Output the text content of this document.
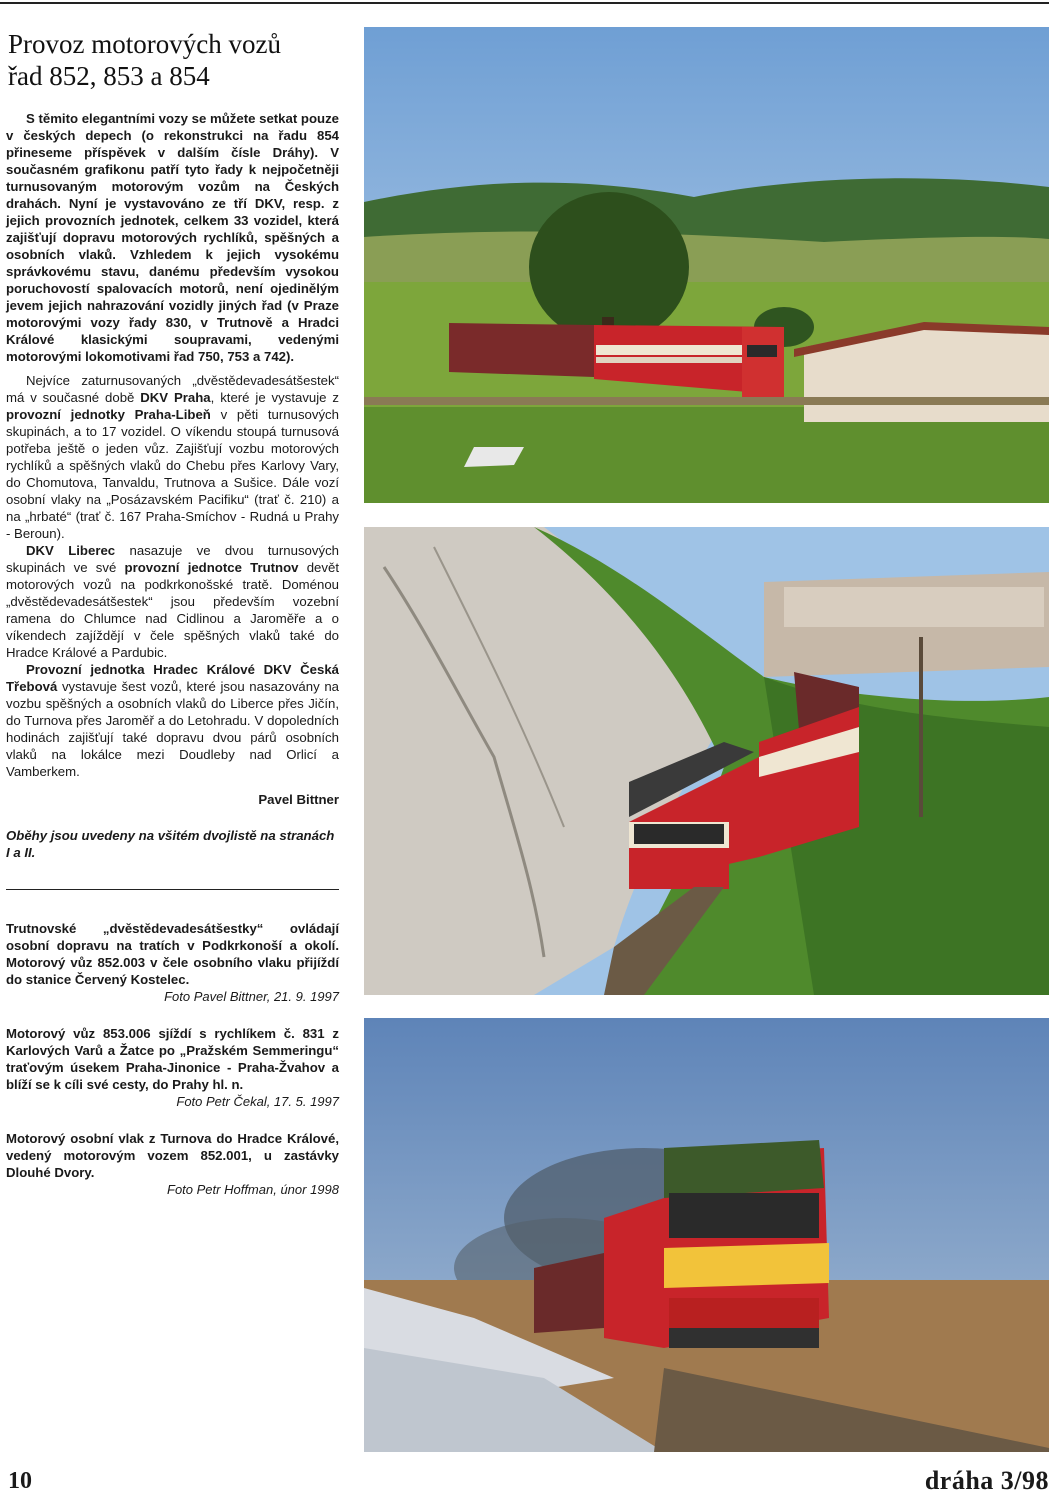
Provoz motorových vozů
řad 852, 853 a 854

S těmito elegantními vozy se můžete setkat pouze v českých depech (o rekonstrukci na řadu 854 přineseme příspěvek v dalším čísle Dráhy). V současném grafikonu patří tyto řady k nejpočetněji turnusovaným motorovým vozům na Českých drahách. Nyní je vystavováno ze tří DKV, resp. z jejich provozních jednotek, celkem 33 vozidel, která zajišťují dopravu motorových rychlíků, spěšných a osobních vlaků. Vzhledem k jejich vysokému správkovému stavu, danému především vysokou poruchovostí spalovacích motorů, není ojedinělým jevem jejich nahrazování vozidly jiných řad (v Praze motorovými vozy řady 830, v Trutnově a Hradci Králové klasickými soupravami, vedenými motorovými lokomotivami řad 750, 753 a 742).

Nejvíce zaturnusovaných „dvěstědevadesátšestek“ má v současné době DKV Praha, které je vystavuje z provozní jednotky Praha-Libeň v pěti turnusových skupinách, a to 17 vozidel. O víkendu stoupá turnusová potřeba ještě o jeden vůz. Zajišťují vozbu motorových rychlíků a spěšných vlaků do Chebu přes Karlovy Vary, do Chomutova, Tanvaldu, Trutnova a Sušice. Dále vozí osobní vlaky na „Posázavském Pacifiku“ (trať č. 210) a na „hrbaté“ (trať č. 167 Praha-Smíchov - Rudná u Prahy - Beroun).

DKV Liberec nasazuje ve dvou turnusových skupinách ve své provozní jednotce Trutnov devět motorových vozů na podkrkonošské tratě. Doménou „dvěstědevadesátšestek“ jsou především vozební ramena do Chlumce nad Cidlinou a Jaroměře a o víkendech zajíždějí v čele spěšných vlaků také do Hradce Králové a Pardubic.

Provozní jednotka Hradec Králové DKV Česká Třebová vystavuje šest vozů, které jsou nasazovány na vozbu spěšných a osobních vlaků do Liberce přes Jičín, do Turnova přes Jaroměř a do Letohradu. V dopoledních hodinách zajišťují také dopravu dvou párů osobních vlaků na lokálce mezi Doudleby nad Orlicí a Vamberkem.

Pavel Bittner
Oběhy jsou uvedeny na všitém dvojlistě na stranách I a II.
Trutnovské „dvěstědevadesátšestky“ ovládají osobní dopravu na tratích v Podkrkonoší a okolí. Motorový vůz 852.003 v čele osobního vlaku přijíždí do stanice Červený Kostelec.
Foto Pavel Bittner, 21. 9. 1997
Motorový vůz 853.006 sjíždí s rychlíkem č. 831 z Karlových Varů a Žatce po „Pražském Semmeringu“ traťovým úsekem Praha-Jinonice - Praha-Žvahov a blíží se k cíli své cesty, do Prahy hl. n.
Foto Petr Čekal, 17. 5. 1997
Motorový osobní vlak z Turnova do Hradce Králové, vedený motorovým vozem 852.001, u zastávky Dlouhé Dvory.
Foto Petr Hoffman, únor 1998
10	dráha 3/98
